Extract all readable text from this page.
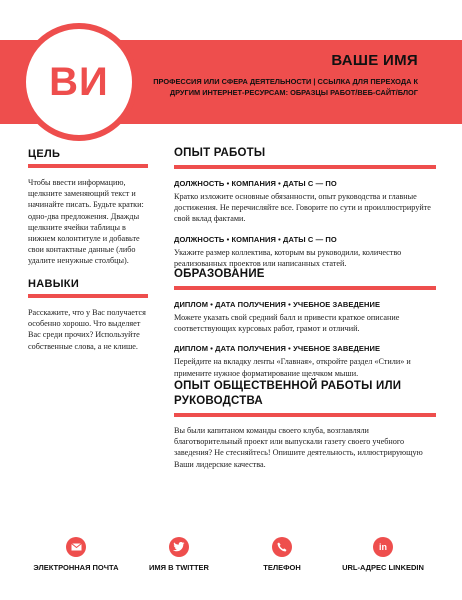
ВИ	ВАШЕ ИМЯ
ПРОФЕССИЯ ИЛИ СФЕРА ДЕЯТЕЛЬНОСТИ | ССЫЛКА ДЛЯ ПЕРЕХОДА К ДРУГИМ ИНТЕРНЕТ-РЕСУРСАМ: ОБРАЗЦЫ РАБОТ/ВЕБ-САЙТ/БЛОГ
ЦЕЛЬ
Чтобы ввести информацию, щелкните заменяющий текст и начинайте писать. Будьте кратки: одно-два предложения. Дважды щелкните ячейки таблицы в нижнем колонтитуле и добавьте свои контактные данные (либо удалите ненужные столбцы).
НАВЫКИ
Расскажите, что у Вас получается особенно хорошо. Что выделяет Вас среди прочих? Используйте собственные слова, а не клише.
ОПЫТ РАБОТЫ
ДОЛЖНОСТЬ • КОМПАНИЯ • ДАТЫ С — ПО
Кратко изложите основные обязанности, опыт руководства и главные достижения. Не перечисляйте все. Говорите по сути и проиллюстрируйте свой вклад фактами.
ДОЛЖНОСТЬ • КОМПАНИЯ • ДАТЫ С — ПО
Укажите размер коллектива, которым вы руководили, количество реализованных проектов или написанных статей.
ОБРАЗОВАНИЕ
ДИПЛОМ • ДАТА ПОЛУЧЕНИЯ • УЧЕБНОЕ ЗАВЕДЕНИЕ
Можете указать свой средний балл и привести краткое описание соответствующих курсовых работ, грамот и отличий.
ДИПЛОМ • ДАТА ПОЛУЧЕНИЯ • УЧЕБНОЕ ЗАВЕДЕНИЕ
Перейдите на вкладку ленты «Главная», откройте раздел «Стили» и примените нужное форматирование щелчком мыши.
ОПЫТ ОБЩЕСТВЕННОЙ РАБОТЫ ИЛИ РУКОВОДСТВА
Вы были капитаном команды своего клуба, возглавляли благотворительный проект или выпускали газету своего учебного заведения? Не стесняйтесь! Опишите деятельность, иллюстрирующую Ваши лидерские качества.
ЭЛЕКТРОННАЯ ПОЧТА	ИМЯ В TWITTER	ТЕЛЕФОН
in
URL-АДРЕС LINKEDIN
